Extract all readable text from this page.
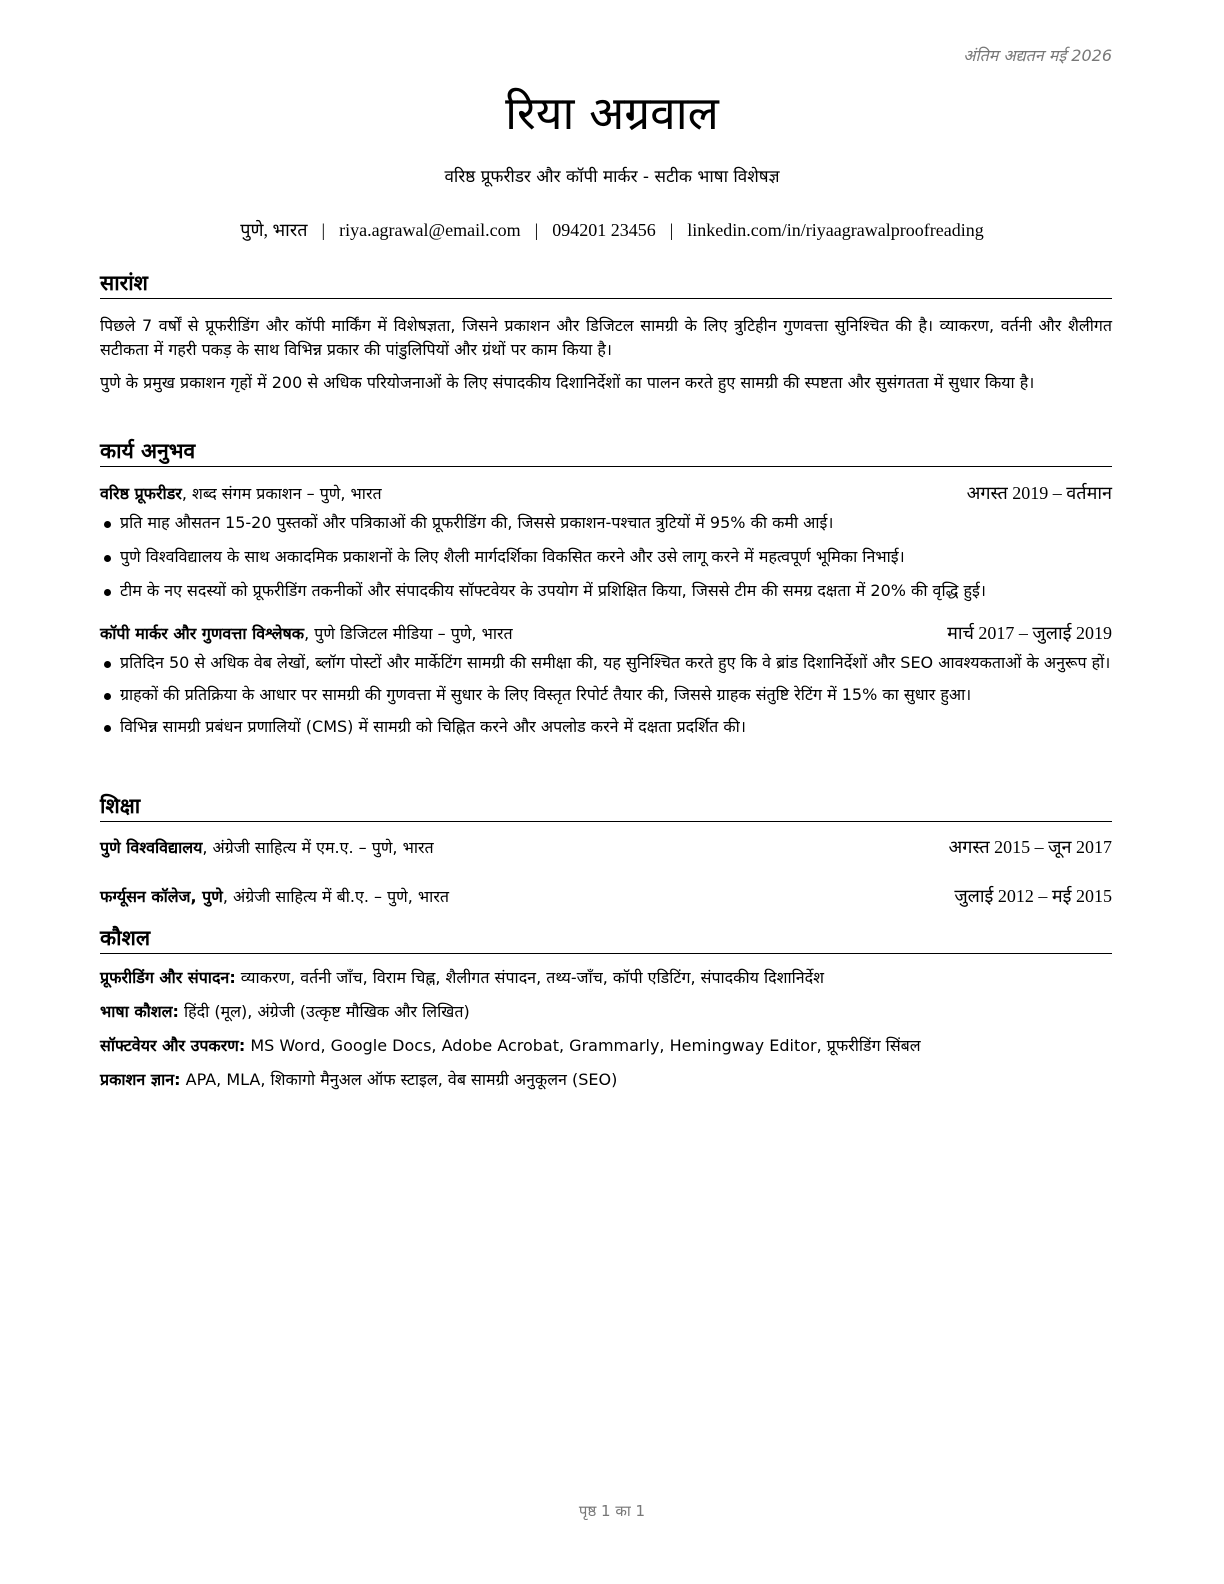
अंतिम अद्यतन मई 2026
रिया अग्रवाल
वरिष्ठ प्रूफरीडर और कॉपी मार्कर - सटीक भाषा विशेषज्ञ
पुणे, भारत | riya.agrawal@email.com | 094201 23456 | linkedin.com/in/riyaagrawalproofreading
सारांश

पिछले 7 वर्षों से प्रूफरीडिंग और कॉपी मार्किंग में विशेषज्ञता, जिसने प्रकाशन और डिजिटल सामग्री के लिए त्रुटिहीन गुणवत्ता सुनिश्चित की है। व्याकरण, वर्तनी और शैलीगत सटीकता में गहरी पकड़ के साथ विभिन्न प्रकार की पांडुलिपियों और ग्रंथों पर काम किया है।

पुणे के प्रमुख प्रकाशन गृहों में 200 से अधिक परियोजनाओं के लिए संपादकीय दिशानिर्देशों का पालन करते हुए सामग्री की स्पष्टता और सुसंगतता में सुधार किया है।

कार्य अनुभव
वरिष्ठ प्रूफरीडर, शब्द संगम प्रकाशन – पुणे, भारत	अगस्त 2019 – वर्तमान
प्रति माह औसतन 15-20 पुस्तकों और पत्रिकाओं की प्रूफरीडिंग की, जिससे प्रकाशन-पश्चात त्रुटियों में 95% की कमी आई।
पुणे विश्वविद्यालय के साथ अकादमिक प्रकाशनों के लिए शैली मार्गदर्शिका विकसित करने और उसे लागू करने में महत्वपूर्ण भूमिका निभाई।
टीम के नए सदस्यों को प्रूफरीडिंग तकनीकों और संपादकीय सॉफ्टवेयर के उपयोग में प्रशिक्षित किया, जिससे टीम की समग्र दक्षता में 20% की वृद्धि हुई।
कॉपी मार्कर और गुणवत्ता विश्लेषक, पुणे डिजिटल मीडिया – पुणे, भारत	मार्च 2017 – जुलाई 2019
प्रतिदिन 50 से अधिक वेब लेखों, ब्लॉग पोस्टों और मार्केटिंग सामग्री की समीक्षा की, यह सुनिश्चित करते हुए कि वे ब्रांड दिशानिर्देशों और SEO आवश्यकताओं के अनुरूप हों।
ग्राहकों की प्रतिक्रिया के आधार पर सामग्री की गुणवत्ता में सुधार के लिए विस्तृत रिपोर्ट तैयार की, जिससे ग्राहक संतुष्टि रेटिंग में 15% का सुधार हुआ।
विभिन्न सामग्री प्रबंधन प्रणालियों (CMS) में सामग्री को चिह्नित करने और अपलोड करने में दक्षता प्रदर्शित की।
शिक्षा
पुणे विश्वविद्यालय, अंग्रेजी साहित्य में एम.ए. – पुणे, भारत	अगस्त 2015 – जून 2017
फर्ग्यूसन कॉलेज, पुणे, अंग्रेजी साहित्य में बी.ए. – पुणे, भारत	जुलाई 2012 – मई 2015
कौशल
प्रूफरीडिंग और संपादन: व्याकरण, वर्तनी जाँच, विराम चिह्न, शैलीगत संपादन, तथ्य-जाँच, कॉपी एडिटिंग, संपादकीय दिशानिर्देश
भाषा कौशल: हिंदी (मूल), अंग्रेजी (उत्कृष्ट मौखिक और लिखित)
सॉफ्टवेयर और उपकरण: MS Word, Google Docs, Adobe Acrobat, Grammarly, Hemingway Editor, प्रूफरीडिंग सिंबल
प्रकाशन ज्ञान: APA, MLA, शिकागो मैनुअल ऑफ स्टाइल, वेब सामग्री अनुकूलन (SEO)
पृष्ठ 1 का 1
